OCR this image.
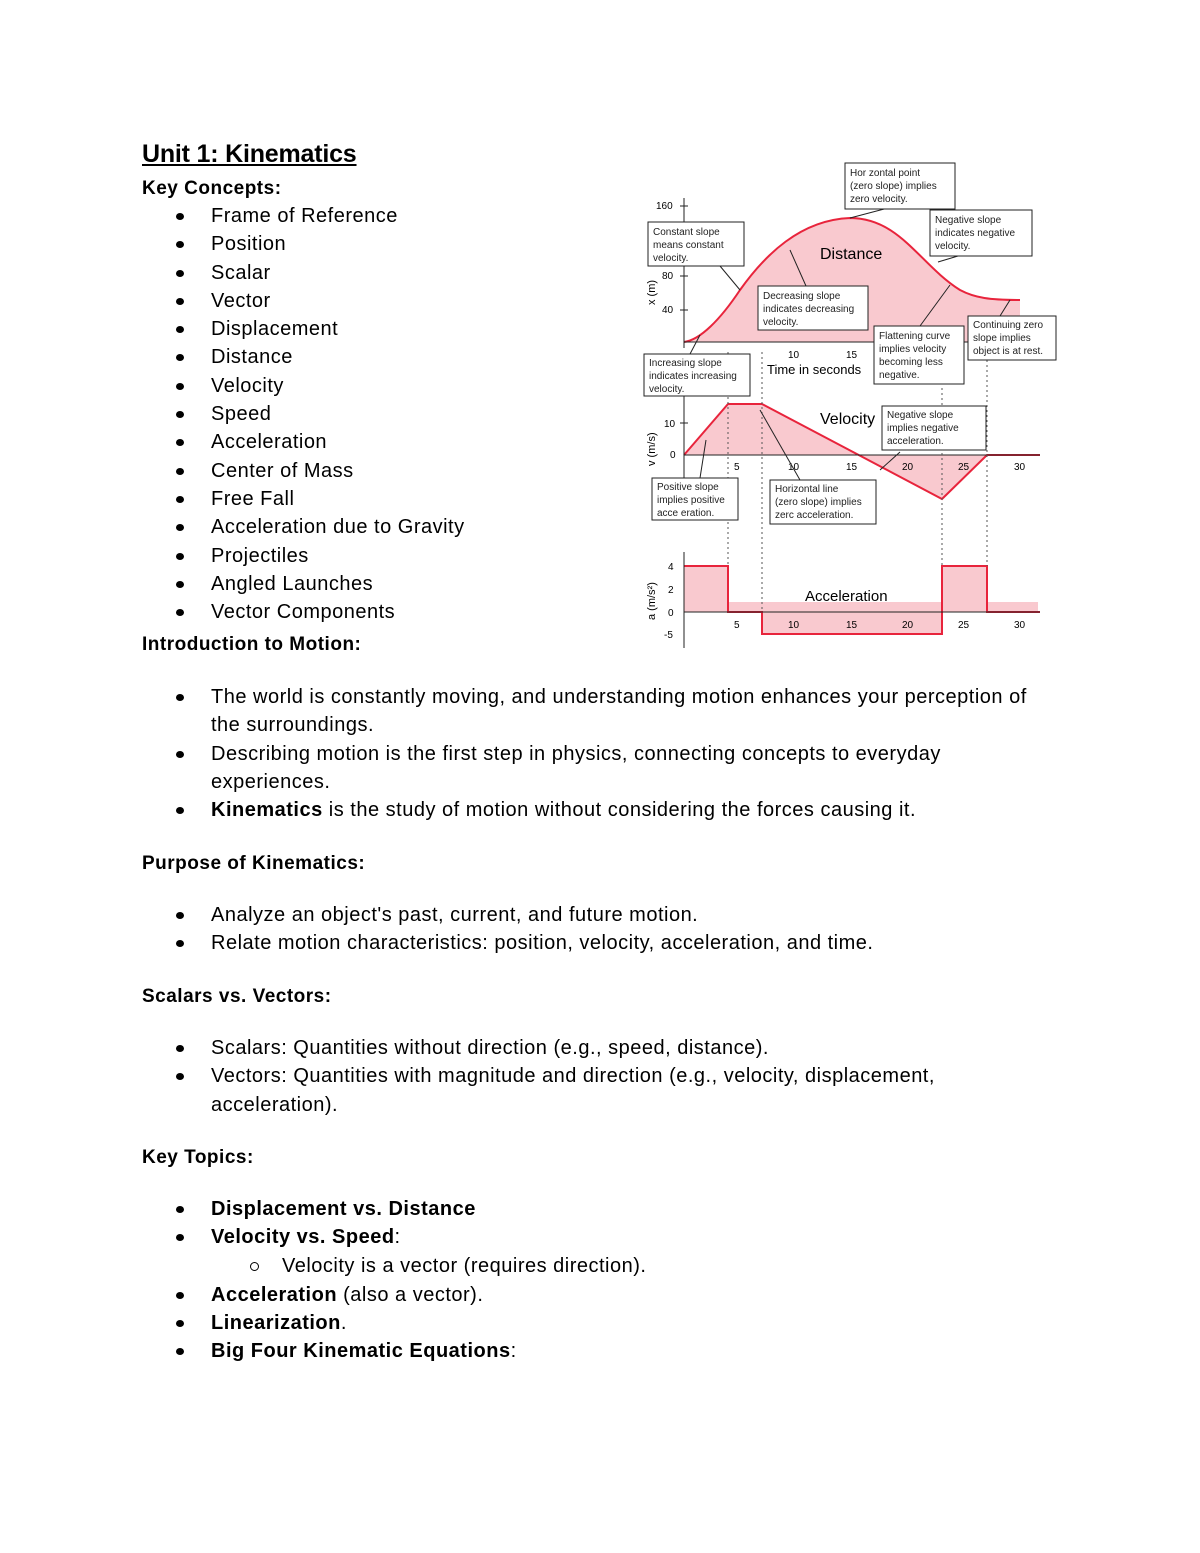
Unit 1: Kinematics
Key Concepts:
Frame of Reference
Position
Scalar
Vector
Displacement
Distance
Velocity
Speed
Acceleration
Center of Mass
Free Fall
Acceleration due to Gravity
Projectiles
Angled Launches
Vector Components
Introduction to Motion:
The world is constantly moving, and understanding motion enhances your perception of
the surroundings.
Describing motion is the first step in physics, connecting concepts to everyday
experiences.
Kinematics is the study of motion without considering the forces causing it.
Purpose of Kinematics:
Analyze an object's past, current, and future motion.
Relate motion characteristics: position, velocity, acceleration, and time.
Scalars vs. Vectors:
Scalars: Quantities without direction (e.g., speed, distance).
Vectors: Quantities with magnitude and direction (e.g., velocity, displacement,
acceleration).
Key Topics:
Displacement vs. Distance
Velocity vs. Speed:
Velocity is a vector (requires direction).
Acceleration (also a vector).
Linearization.
Big Four Kinematic Equations:
160
80
40
10	15
Time in seconds
Distance
x (m)
10
0
5	10	15	20	25	30
Velocity
v (m/s)
4
2
0
-5
5	10	15	20	25	30
Acceleration
a (m/s²)
Hor zontal point
(zero slope) implies
zero velocity.
Negative slope
indicates negative
velocity.
Constant slope
means constant
velocity.
Decreasing slope
indicates decreasing
velocity.
Flattening curve
implies velocity
becoming less
negative.
Continuing zero
slope implies
object is at rest.
Increasing slope
indicates increasing
velocity.
Negative slope
implies negative
acceleration.
Positive slope
implies positive
acce eration.
Horizontal line
(zero slope) implies
zerc acceleration.
